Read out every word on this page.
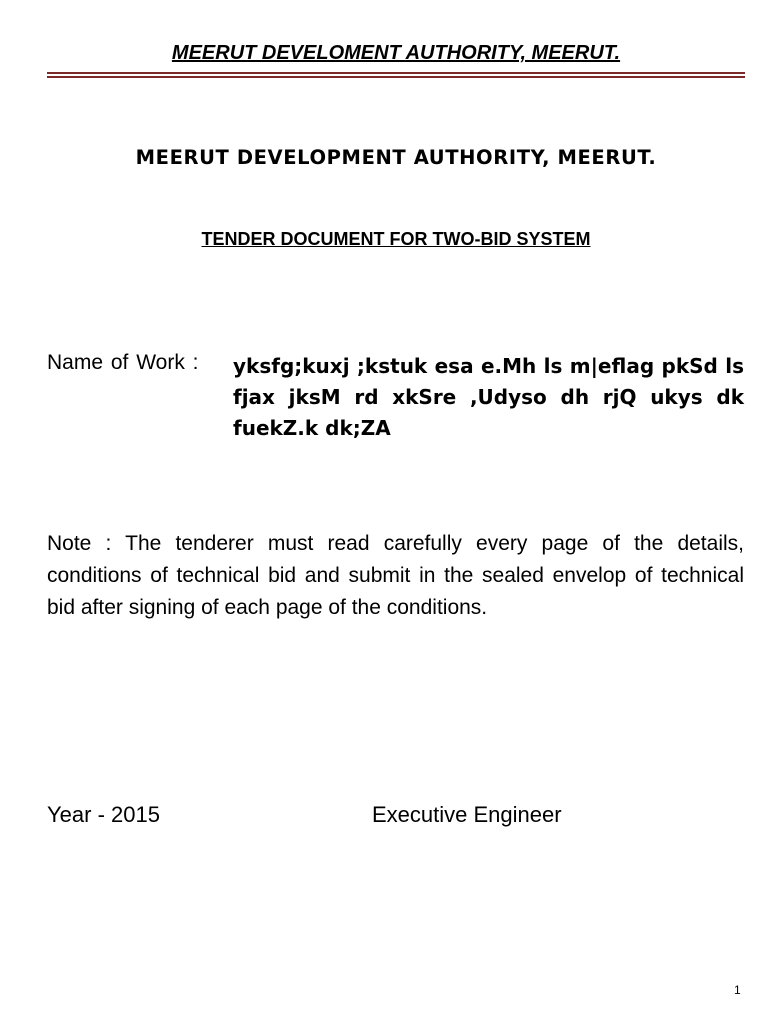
MEERUT DEVELOMENT AUTHORITY, MEERUT.
MEERUT DEVELOPMENT AUTHORITY, MEERUT.
TENDER DOCUMENT FOR TWO-BID SYSTEM
Name of Work : yksfg;kuxj ;kstuk esa e.Mh ls m|eflag pkSd ls fjax jksM rd xkSre ,Udyso dh rjQ ukys dk fuekZ.k dk;ZA
Note : The tenderer must read carefully every page of the details, conditions of technical bid and submit in the sealed envelop of technical bid after signing of each page of the conditions.
Year - 2015	Executive Engineer
1
